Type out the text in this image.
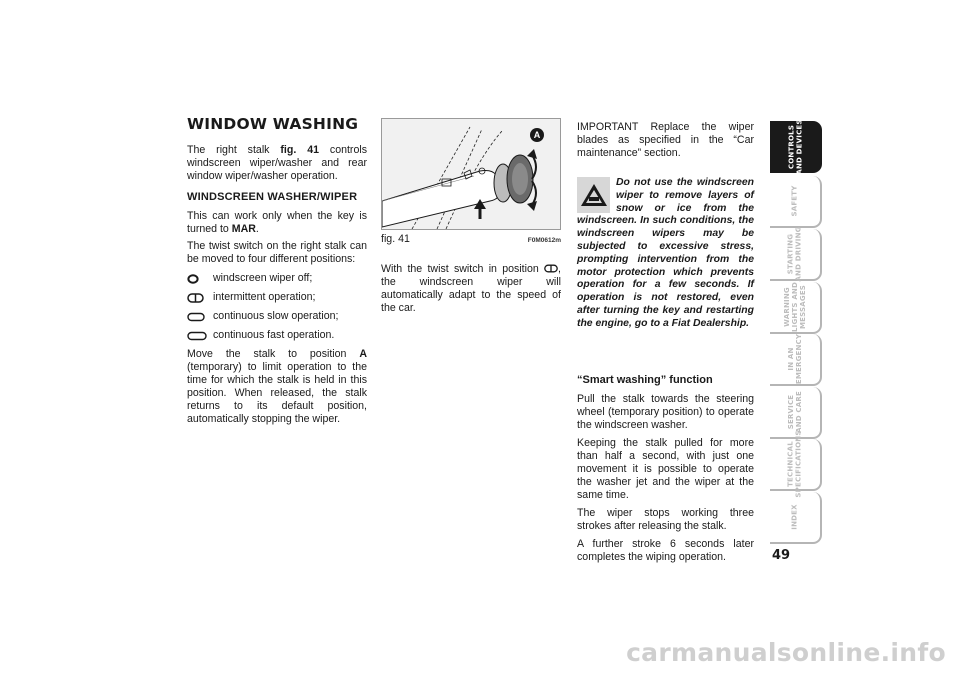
WINDOW WASHING

The right stalk fig. 41 controls windscreen wiper/washer and rear window wiper/washer operation.

WINDSCREEN WASHER/WIPER

This can work only when the key is turned to MAR.

The twist switch on the right stalk can be moved to four different positions:

windscreen wiper off;
intermittent operation;
continuous slow operation;
continuous fast operation.

Move the stalk to position A (temporary) to limit operation to the time for which the stalk is held in this position. When released, the stalk returns to its default position, automatically stopping the wiper.

A
fig. 41	F0M0612m

With the twist switch in position , the windscreen wiper will automatically adapt to the speed of the car.

IMPORTANT Replace the wiper blades as specified in the “Car maintenance” section.

Do not use the windscreen wiper to remove layers of snow or ice from the windscreen. In such conditions, the windscreen wipers may be subjected to excessive stress, prompting intervention from the motor protection which prevents operation for a few seconds. If operation is not restored, even after turning the key and restarting the engine, go to a Fiat Dealership.

“Smart washing” function

Pull the stalk towards the steering wheel (temporary position) to operate the windscreen washer.

Keeping the stalk pulled for more than half a second, with just one movement it is possible to operate the washer jet and the wiper at the same time.

The wiper stops working three strokes after releasing the stalk.

A further stroke 6 seconds later completes the wiping operation.

CONTROLS
AND DEVICES
SAFETY
STARTING
AND DRIVING
WARNING
LIGHTS AND
MESSAGES
IN AN
EMERGENCY
SERVICE
AND CARE
TECHNICAL
SPECIFICATIONS
INDEX
49
carmanualsonline.info
